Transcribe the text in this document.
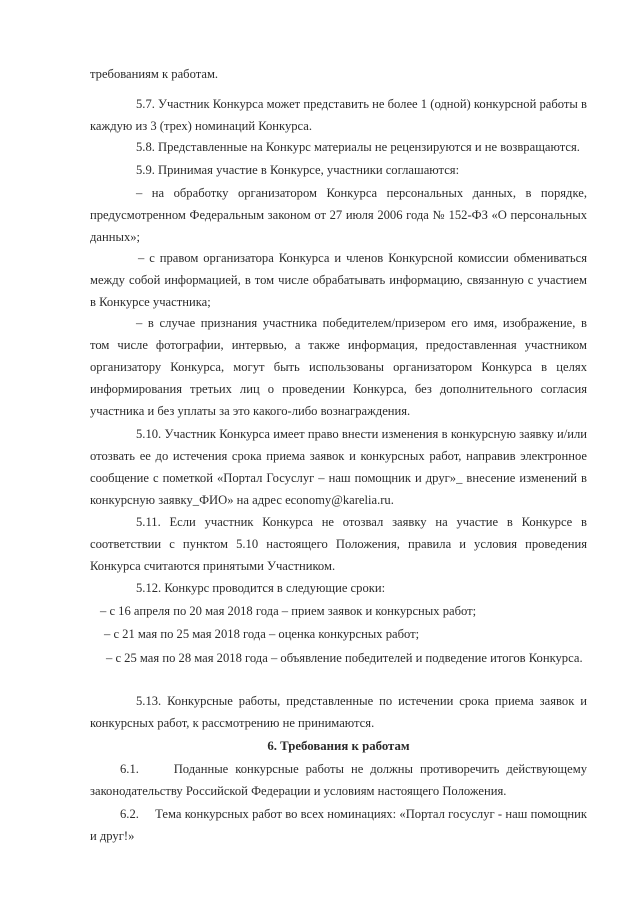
требованиям к работам.
5.7. Участник Конкурса может представить не более 1 (одной) конкурсной работы в каждую из 3 (трех) номинаций Конкурса.
5.8. Представленные на Конкурс материалы не рецензируются и не возвращаются.
5.9. Принимая участие в Конкурсе, участники соглашаются:
– на обработку организатором Конкурса персональных данных, в порядке, предусмотренном Федеральным законом от 27 июля 2006 года № 152-ФЗ «О персональных данных»;
– с правом организатора Конкурса и членов Конкурсной комиссии обмениваться между собой информацией, в том числе обрабатывать информацию, связанную с участием в Конкурсе участника;
– в случае признания участника победителем/призером его имя, изображение, в том числе фотографии, интервью, а также информация, предоставленная участником организатору Конкурса, могут быть использованы организатором Конкурса в целях информирования третьих лиц о проведении Конкурса, без дополнительного согласия участника и без уплаты за это какого-либо вознаграждения.
5.10. Участник Конкурса имеет право внести изменения в конкурсную заявку и/или отозвать ее до истечения срока приема заявок и конкурсных работ, направив электронное сообщение с пометкой «Портал Госуслуг – наш помощник и друг»_ внесение изменений в конкурсную заявку_ФИО» на адрес economy@karelia.ru.
5.11. Если участник Конкурса не отозвал заявку на участие в Конкурсе в соответствии с пунктом 5.10 настоящего Положения, правила и условия проведения Конкурса считаются принятыми Участником.
5.12. Конкурс проводится в следующие сроки:
– с 16 апреля по 20 мая 2018 года – прием заявок и конкурсных работ;
– с 21 мая по 25 мая 2018 года – оценка конкурсных работ;
– с 25 мая по 28 мая 2018 года – объявление победителей и подведение итогов Конкурса.
5.13. Конкурсные работы, представленные по истечении срока приема заявок и конкурсных работ, к рассмотрению не принимаются.
6. Требования к работам
6.1.     Поданные конкурсные работы не должны противоречить действующему законодательству Российской Федерации и условиям настоящего Положения.
6.2.     Тема конкурсных работ во всех номинациях: «Портал госуслуг - наш помощник и друг!»
